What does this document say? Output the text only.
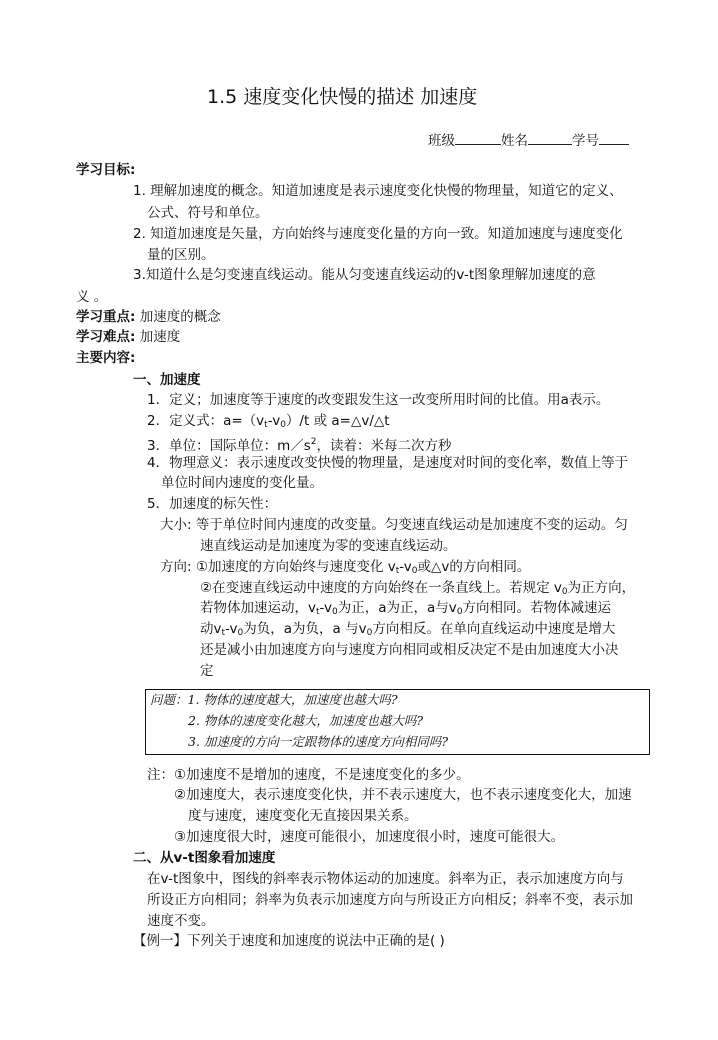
1.5 速度变化快慢的描述 加速度
班级	姓名	学号
学习目标:
1. 理解加速度的概念。知道加速度是表示速度变化快慢的物理量，知道它的定义、
公式、符号和单位。
2. 知道加速度是矢量，方向始终与速度变化量的方向一致。知道加速度与速度变化
量的区别。
3.知道什么是匀变速直线运动。能从匀变速直线运动的v-t图象理解加速度的意
义 。
学习重点: 加速度的概念
学习难点: 加速度
主要内容:
一、加速度
1．定义；加速度等于速度的改变跟发生这一改变所用时间的比值。用a表示。
2．定义式：$a=(v_t-v_0)/t$ 或 a=△v/△t
3．单位：国际单位：$m/s^2$，读着：米每二次方秒
4．物理意义：表示速度改变快慢的物理量，是速度对时间的变化率，数值上等于
单位时间内速度的变化量。
5．加速度的标矢性：
大小: 等于单位时间内速度的改变量。匀变速直线运动是加速度不变的运动。匀
速直线运动是加速度为零的变速直线运动。
方向: ①加速度的方向始终与速度变化 $v_t-v_0$或△v的方向相同。
②在变速直线运动中速度的方向始终在一条直线上。若规定 $v_0$为正方向，
若物体加速运动，$v_t-v_0$为正，a为正，a与$v_0$方向相同。若物体减速运
动$v_t-v_0$为负，a为负，a 与$v_0$方向相反。在单向直线运动中速度是增大
还是减小由加速度方向与速度方向相同或相反决定不是由加速度大小决
定
问题：1. 物体的速度越大，加速度也越大吗?
2. 物体的速度变化越大，加速度也越大吗?
3. 加速度的方向一定跟物体的速度方向相同吗?
注：①加速度不是增加的速度，不是速度变化的多少。
②加速度大，表示速度变化快，并不表示速度大，也不表示速度变化大，加速
度与速度，速度变化无直接因果关系。
③加速度很大时，速度可能很小，加速度很小时，速度可能很大。
二、从v-t图象看加速度
在v-t图象中，图线的斜率表示物体运动的加速度。斜率为正，表示加速度方向与
所设正方向相同；斜率为负表示加速度方向与所设正方向相反；斜率不变，表示加
速度不变。
【例一】下列关于速度和加速度的说法中正确的是( )
